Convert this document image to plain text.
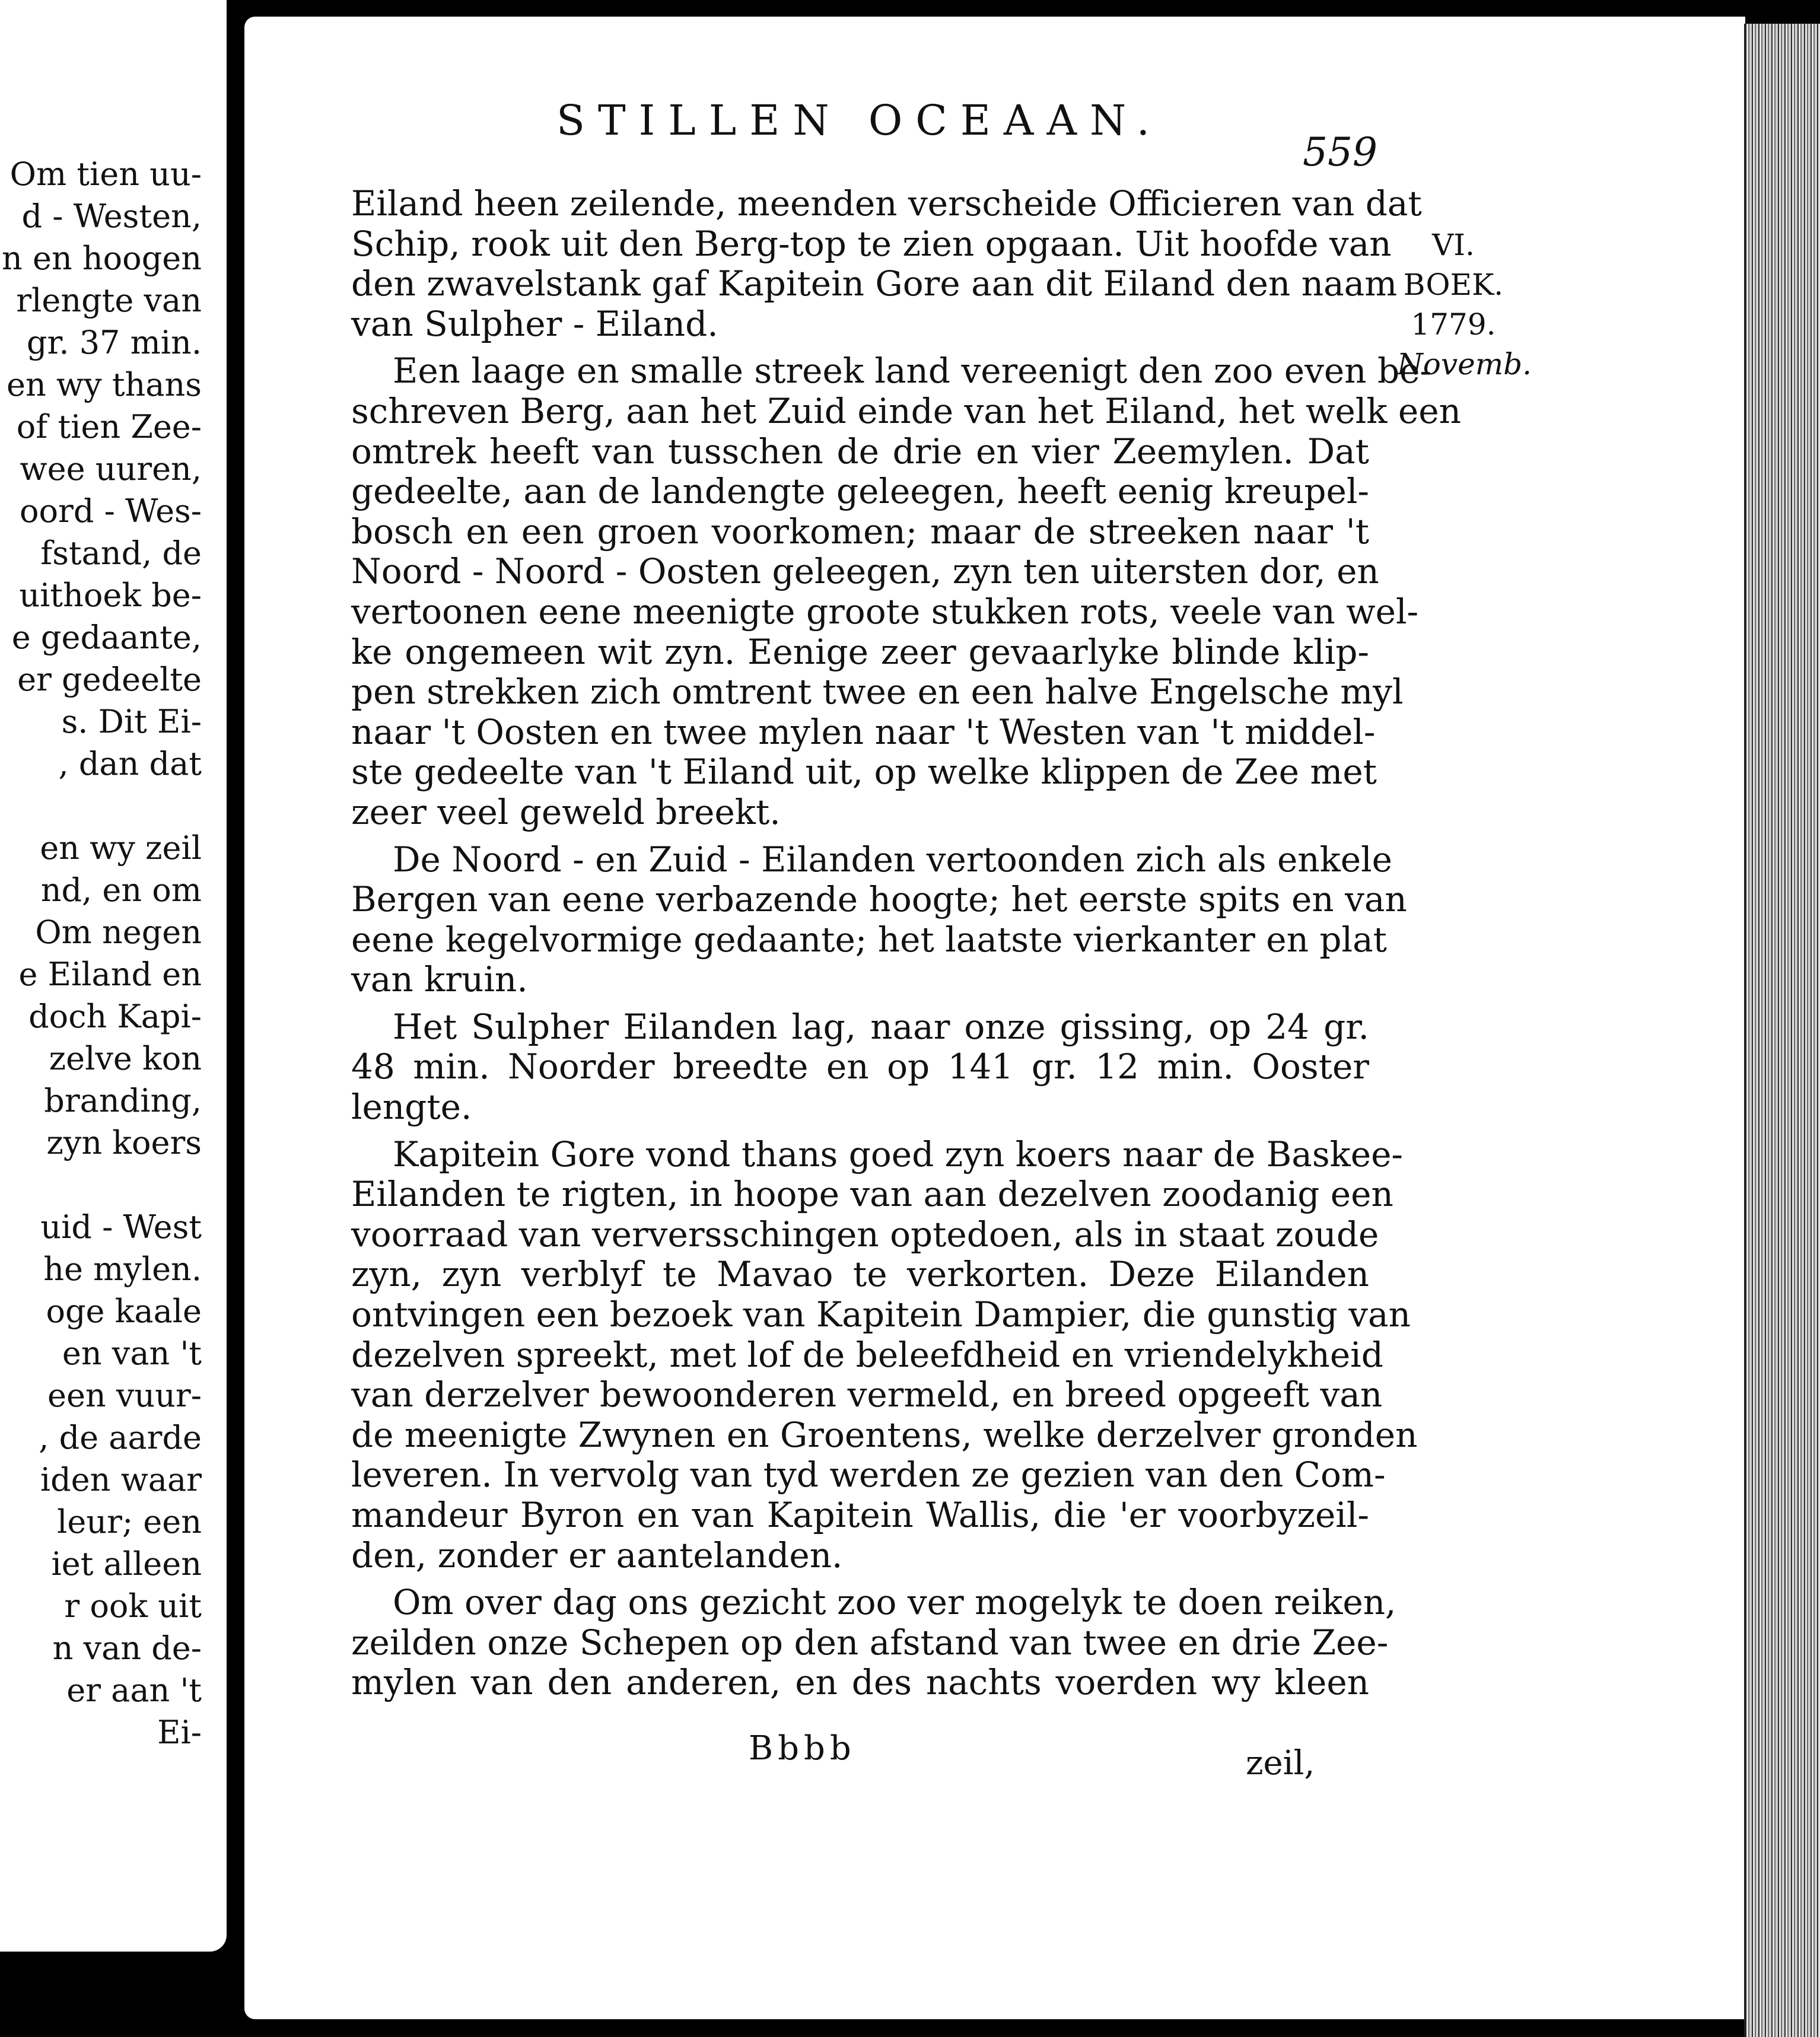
Om tien uu-
d - Westen,
n en hoogen
rlengte van
gr. 37 min.
en wy thans
of tien Zee-
wee uuren,
oord - Wes-
fstand, de
uithoek be-
e gedaante,
er gedeelte
s. Dit Ei-
, dan dat
en wy zeil
nd, en om
Om negen
e Eiland en
doch Kapi-
zelve kon
branding,
zyn koers
uid - West
he mylen.
oge kaale
en van 't
een vuur-
, de aarde
iden waar
leur; een
iet alleen
r ook uit
n van de-
er aan 't
Ei-
STILLEN OCEAAN.
559
Eiland heen zeilende, meenden verscheide Officieren van dat
Schip, rook uit den Berg-top te zien opgaan. Uit hoofde van
den zwavelstank gaf Kapitein Gore aan dit Eiland den naam
van Sulpher - Eiland.
Een laage en smalle streek land vereenigt den zoo even be-
schreven Berg, aan het Zuid einde van het Eiland, het welk een
omtrek heeft van tusschen de drie en vier Zeemylen. Dat
gedeelte, aan de landengte geleegen, heeft eenig kreupel-
bosch en een groen voorkomen; maar de streeken naar 't
Noord - Noord - Oosten geleegen, zyn ten uitersten dor, en
vertoonen eene meenigte groote stukken rots, veele van wel-
ke ongemeen wit zyn. Eenige zeer gevaarlyke blinde klip-
pen strekken zich omtrent twee en een halve Engelsche myl
naar 't Oosten en twee mylen naar 't Westen van 't middel-
ste gedeelte van 't Eiland uit, op welke klippen de Zee met
zeer veel geweld breekt.
De Noord - en Zuid - Eilanden vertoonden zich als enkele
Bergen van eene verbazende hoogte; het eerste spits en van
eene kegelvormige gedaante; het laatste vierkanter en plat
van kruin.
Het Sulpher Eilanden lag, naar onze gissing, op 24 gr.
48 min. Noorder breedte en op 141 gr. 12 min. Ooster
lengte.
Kapitein Gore vond thans goed zyn koers naar de Baskee-
Eilanden te rigten, in hoope van aan dezelven zoodanig een
voorraad van verversschingen optedoen, als in staat zoude
zyn, zyn verblyf te Mavao te verkorten. Deze Eilanden
ontvingen een bezoek van Kapitein Dampier, die gunstig van
dezelven spreekt, met lof de beleefdheid en vriendelykheid
van derzelver bewoonderen vermeld, en breed opgeeft van
de meenigte Zwynen en Groentens, welke derzelver gronden
leveren. In vervolg van tyd werden ze gezien van den Com-
mandeur Byron en van Kapitein Wallis, die 'er voorbyzeil-
den, zonder er aantelanden.
Om over dag ons gezicht zoo ver mogelyk te doen reiken,
zeilden onze Schepen op den afstand van twee en drie Zee-
mylen van den anderen, en des nachts voerden wy kleen
VI.
BOEK.
1779.
Novemb.
Bbbb	zeil,
